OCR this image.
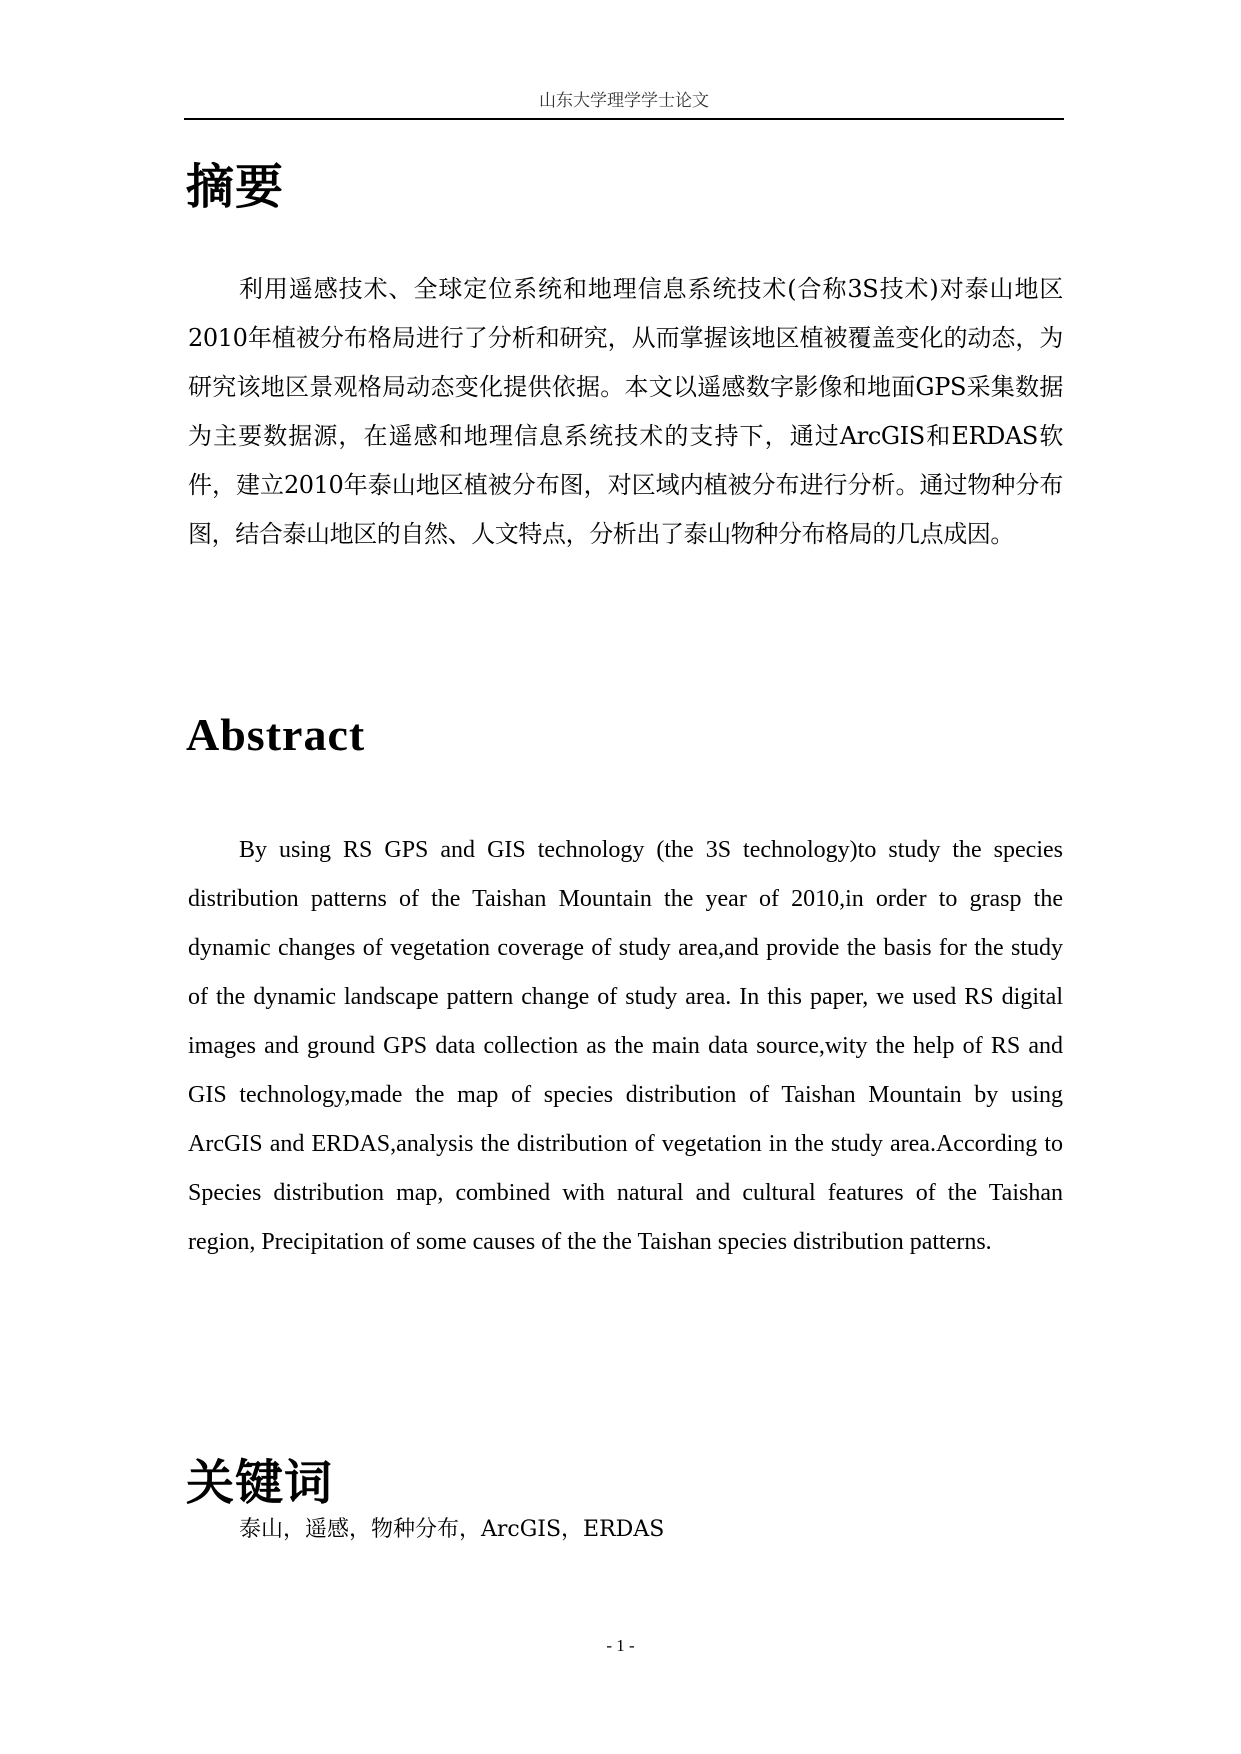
山东大学理学学士论文
摘要

利用遥感技术、全球定位系统和地理信息系统技术(合称3S技术)对泰山地区2010年植被分布格局进行了分析和研究，从而掌握该地区植被覆盖变化的动态，为研究该地区景观格局动态变化提供依据。本文以遥感数字影像和地面GPS采集数据为主要数据源，在遥感和地理信息系统技术的支持下，通过ArcGIS和ERDAS软件，建立2010年泰山地区植被分布图，对区域内植被分布进行分析。通过物种分布图，结合泰山地区的自然、人文特点，分析出了泰山物种分布格局的几点成因。

Abstract

By using RS GPS and GIS technology (the 3S technology)to study the species distribution patterns of the Taishan Mountain the year of 2010,in order to grasp the dynamic changes of vegetation coverage of study area,and provide the basis for the study of the dynamic landscape pattern change of study area. In this paper, we used RS digital images and ground GPS data collection as the main data source,wity the help of RS and GIS technology,made the map of species distribution of Taishan Mountain by using ArcGIS and ERDAS,analysis the distribution of vegetation in the study area.According to Species distribution map, combined with natural and cultural features of the Taishan region, Precipitation of some causes of the the Taishan species distribution patterns.

关键词
泰山，遥感，物种分布，ArcGIS，ERDAS
- 1 -
